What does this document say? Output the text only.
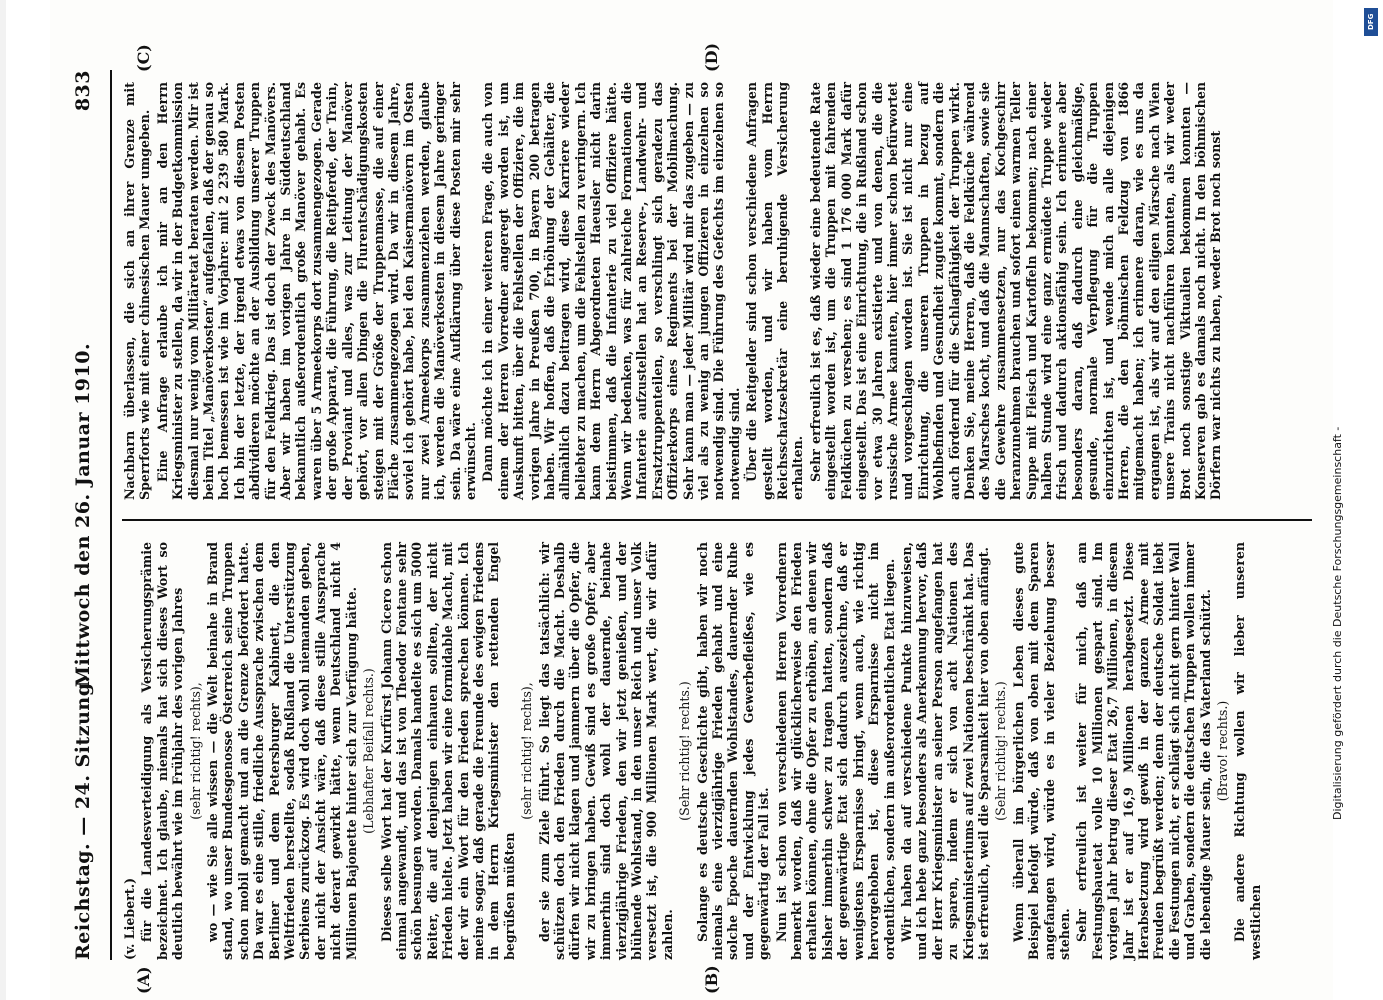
Reichstag. — 24. Sitzung.
Mittwoch den 26. Januar 1910.
833
(A)	(B)
(C)	(D)

(v. Liebert.) für die Landesverteidigung als Versicherungsprämie bezeichnet. Ich glaube, niemals hat sich dieses Wort so deutlich bewährt wie im Frühjahr des vorigen Jahres (sehr richtig! rechts), wo — wie Sie alle wissen — die Welt beinahe in Brand stand, wo unser Bundesgenosse Österreich seine Truppen schon mobil gemacht und an die Grenze befördert hatte. Da war es eine stille, friedliche Aussprache zwischen dem Berliner und dem Petersburger Kabinett, die den Weltfrieden herstellte, sodaß Rußland die Unterstützung Serbiens zurückzog. Es wird doch wohl niemanden geben, der nicht der Ansicht wäre, daß diese stille Aussprache nicht derart gewirkt hätte, wenn Deutschland nicht 4 Millionen Bajonette hinter sich zur Verfügung hätte. (Lebhafter Beifall rechts.) Dieses selbe Wort hat der Kurfürst Johann Cicero schon einmal angewandt, und das ist von Theodor Fontane sehr schön besungen worden. Damals handelte es sich um 5000 Reiter, die auf denjenigen einhauen sollten, der nicht Frieden hielte. Jetzt haben wir eine formidable Macht, mit der wir ein Wort für den Frieden sprechen können. Ich meine sogar, daß gerade die Freunde des ewigen Friedens in dem Herrn Kriegsminister den rettenden Engel begrüßen müßten

(sehr richtig! rechts), der sie zum Ziele führt. So liegt das tatsächlich: wir schützen doch den Frieden durch die Macht. Deshalb dürfen wir nicht klagen und jammern über die Opfer, die wir zu bringen haben. Gewiß sind es große Opfer; aber immerhin sind doch wohl der dauernde, beinahe vierzigjährige Frieden, den wir jetzt genießen, und der blühende Wohlstand, in den unser Reich und unser Volk versetzt ist, die 900 Millionen Mark wert, die wir dafür zahlen.

(Sehr richtig! rechts.) Solange es deutsche Geschichte gibt, haben wir noch niemals eine vierzigjährige Frieden gehabt und eine solche Epoche dauernden Wohlstandes, dauernder Ruhe und der Entwicklung jedes Gewerbefleißes, wie es gegenwärtig der Fall ist. Nun ist schon von verschiedenen Herren Vorrednern bemerkt worden, daß wir glücklicherweise den Frieden erhalten können, ohne die Opfer zu erhöhen, an denen wir bisher immerhin schwer zu tragen hatten, sondern daß der gegenwärtige Etat sich dadurch auszeichne, daß er wenigstens Ersparnisse bringt, wenn auch, wie richtig hervorgehoben ist, diese Ersparnisse nicht im ordentlichen, sondern im außerordentlichen Etat liegen. Wir haben da auf verschiedene Punkte hinzuweisen, und ich hebe ganz besonders als Anerkennung hervor, daß der Herr Kriegsminister an seiner Person angefangen hat zu sparen, indem er sich von acht Nationen des Kriegsministeriums auf zwei Nationen beschränkt hat. Das ist erfreulich, weil die Sparsamkeit hier von oben anfängt. (Sehr richtig! rechts.) Wenn überall im bürgerlichen Leben dieses gute Beispiel befolgt würde, daß von oben mit dem Sparen angefangen wird, würde es in vieler Beziehung besser stehen. Sehr erfreulich ist weiter für mich, daß am Festungsbauetat volle 10 Millionen gespart sind. Im vorigen Jahr betrug dieser Etat 26,7 Millionen, in diesem Jahr ist er auf 16,9 Millionen herabgesetzt. Diese Herabsetzung wird gewiß in der ganzen Armee mit Freuden begrüßt werden; denn der deutsche Soldat liebt die Festungen nicht, er schlägt sich nicht gern hinter Wall und Graben, sondern die deutschen Truppen wollen immer die lebendige Mauer sein, die das Vaterland schützt. (Bravo! rechts.) Die andere Richtung wollen wir lieber unseren westlichen

Nachbarn überlassen, die sich an ihrer Grenze mit Sperrforts wie mit einer chinesischen Mauer umgeben. Eine Anfrage erlaube ich mir an den Herrn Kriegsminister zu stellen, da wir in der Budgetkommission diesmal nur wenig vom Militäretat beraten werden. Mir ist beim Titel „Manöverkosten“ aufgefallen, daß der genau so hoch bemessen ist wie im Vorjahre: mit 2 239 580 Mark. Ich bin der letzte, der irgend etwas von diesem Posten abdividieren möchte an der Ausbildung unserer Truppen für den Feldkrieg. Das ist doch der Zweck des Manövers. Aber wir haben im vorigen Jahre in Süddeutschland bekanntlich außerordentlich große Manöver gehabt. Es waren über 5 Armeekorps dort zusammengezogen. Gerade der große Apparat, die Führung, die Reitpferde, der Train, der Proviant und alles, was zur Leitung der Manöver gehört, vor allen Dingen die Flurentschädigungskosten steigen mit der Größe der Truppenmasse, die auf einer Fläche zusammengezogen wird. Da wir in diesem Jahre, soviel ich gehört habe, bei den Kaisermanövern im Osten nur zwei Armeekorps zusammenziehen werden, glaube ich, werden die Manöverkosten in diesem Jahre geringer sein. Da wäre eine Aufklärung über diese Posten mir sehr erwünscht. Dann möchte ich in einer weiteren Frage, die auch von einem der Herren Vorredner angeregt worden ist, um Auskunft bitten, über die Fehlstellen der Offiziere, die im vorigen Jahre in Preußen 700, in Bayern 200 betragen haben. Wir hoffen, daß die Erhöhung der Gehälter, die allmählich dazu beitragen wird, diese Karriere wieder beliebter zu machen, um die Fehlstellen zu verringern. Ich kann dem Herrn Abgeordneten Haeusler nicht darin beistimmen, daß die Infanterie zu viel Offiziere hätte. Wenn wir bedenken, was für zahlreiche Formationen die Infanterie aufzustellen hat an Reserve-, Landwehr- und Ersatztruppenteilen, so verschlingt sich geradezu das Offizierkorps eines Regiments bei der Mobilmachung. Sehr kann man — jeder Militär wird mir das zugeben — zu viel als zu wenig an jungen Offizieren in einzelnen so notwendig sind. Die Führung des Gefechts im einzelnen so notwendig sind. Über die Reitgelder sind schon verschiedene Anfragen gestellt worden, und wir haben vom Herrn Reichsschatzsekretär eine beruhigende Versicherung erhalten. Sehr erfreulich ist es, daß wieder eine bedeutende Rate eingestellt worden ist, um die Truppen mit fahrenden Feldküchen zu versehen; es sind 1 176 000 Mark dafür eingestellt. Das ist eine Einrichtung, die in Rußland schon vor etwa 30 Jahren existierte und von denen, die die russische Armee kannten, hier immer schon befürwortet und vorgeschlagen worden ist. Sie ist nicht nur eine Einrichtung, die unseren Truppen in bezug auf Wohlbefinden und Gesundheit zugute kommt, sondern die auch fördernd für die Schlagfähigkeit der Truppen wirkt. Denken Sie, meine Herren, daß die Feldküche während des Marsches kocht, und daß die Mannschaften, sowie sie die Gewehre zusammensetzen, nur das Kochgeschirr heranzunehmen brauchen und sofort einen warmen Teller Suppe mit Fleisch und Kartoffeln bekommen; nach einer halben Stunde wird eine ganz ermüdete Truppe wieder frisch und dadurch aktionsfähig sein. Ich erinnere aber besonders daran, daß dadurch eine gleichmäßige, gesunde, normale Verpflegung für die Truppen einzurichten ist, und wende mich an alle diejenigen Herren, die den böhmischen Feldzug von 1866 mitgemacht haben; ich erinnere daran, wie es uns da ergangen ist, als wir auf den eiligen Märsche nach Wien unsere Trains nicht nachführen konnten, als wir weder Brot noch sonstige Viktualien bekommen konnten — Konserven gab es damals noch nicht. In den böhmischen Dörfern war nichts zu haben, weder Brot noch sonst

Digitalisierung gefördert durch die Deutsche Forschungsgemeinschaft -
DFG
